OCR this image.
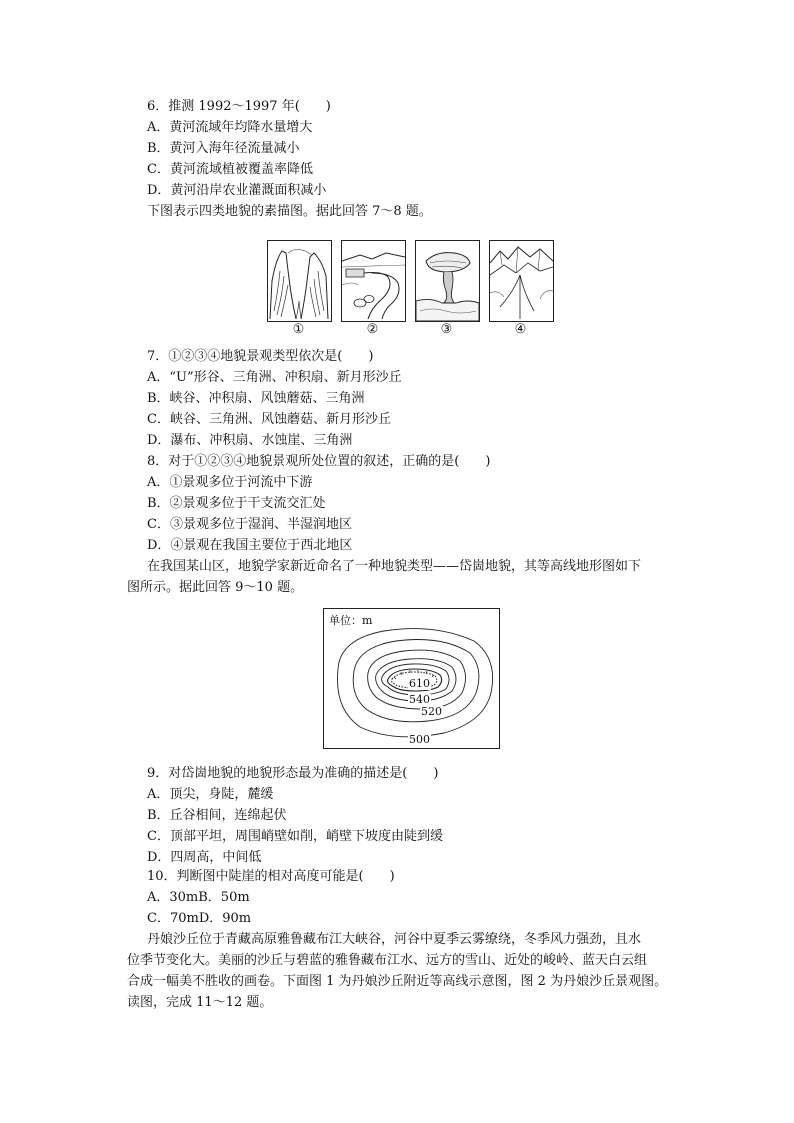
6．推测 1992～1997 年(　　)
A．黄河流域年均降水量增大
B．黄河入海年径流量减小
C．黄河流域植被覆盖率降低
D．黄河沿岸农业灌溉面积减小
下图表示四类地貌的素描图。据此回答 7～8 题。
①	②	③	④
7．①②③④地貌景观类型依次是(　　)
A．“U”形谷、三角洲、冲积扇、新月形沙丘
B．峡谷、冲积扇、风蚀蘑菇、三角洲
C．峡谷、三角洲、风蚀蘑菇、新月形沙丘
D．瀑布、冲积扇、水蚀崖、三角洲
8．对于①②③④地貌景观所处位置的叙述，正确的是(　　)
A．①景观多位于河流中下游
B．②景观多位于干支流交汇处
C．③景观多位于湿润、半湿润地区
D．④景观在我国主要位于西北地区
在我国某山区，地貌学家新近命名了一种地貌类型——岱崮地貌，其等高线地形图如下
图所示。据此回答 9～10 题。
单位：m
610
540
520
500
9．对岱崮地貌的地貌形态最为准确的描述是(　　)
A．顶尖，身陡，麓缓
B．丘谷相间，连绵起伏
C．顶部平坦，周围峭壁如削，峭壁下坡度由陡到缓
D．四周高，中间低
10．判断图中陡崖的相对高度可能是(　　)
A．30mB．50m
C．70mD．90m
丹娘沙丘位于青藏高原雅鲁藏布江大峡谷，河谷中夏季云雾缭绕，冬季风力强劲，且水
位季节变化大。美丽的沙丘与碧蓝的雅鲁藏布江水、远方的雪山、近处的峻岭、蓝天白云组
合成一幅美不胜收的画卷。下面图 1 为丹娘沙丘附近等高线示意图，图 2 为丹娘沙丘景观图。
读图，完成 11～12 题。
